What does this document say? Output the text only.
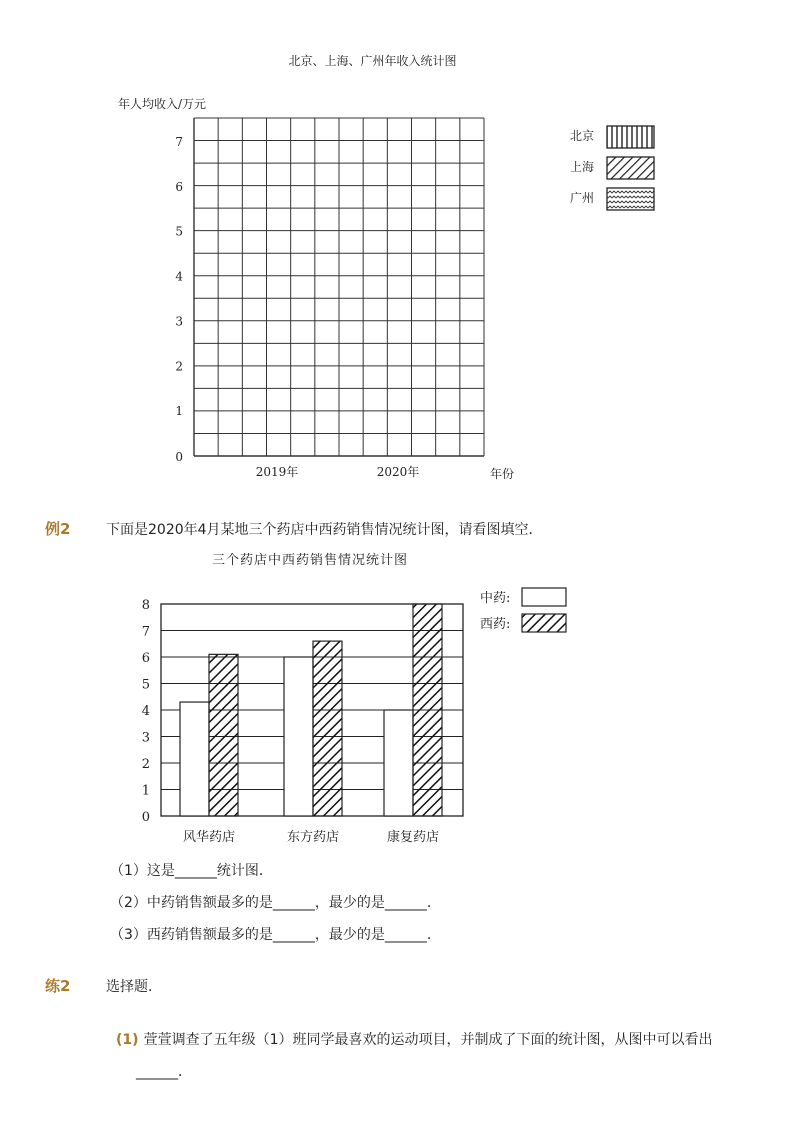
北京、上海、广州年收入统计图
年人均收入/万元
0
1
2
3
4
5
6
7
2019年	2020年	年份
北京
上海
广州
例2	下面是2020年4月某地三个药店中西药销售情况统计图，请看图填空．
三个药店中西药销售情况统计图
0
1
2
3
4
5
6
7
8
风华药店	东方药店	康复药店
中药:
西药:
（1）这是______统计图．
（2）中药销售额最多的是______，最少的是______．
（3）西药销售额最多的是______，最少的是______．
练2	选择题．
(1) 萱萱调查了五年级（1）班同学最喜欢的运动项目，并制成了下面的统计图，从图中可以看出
______．
